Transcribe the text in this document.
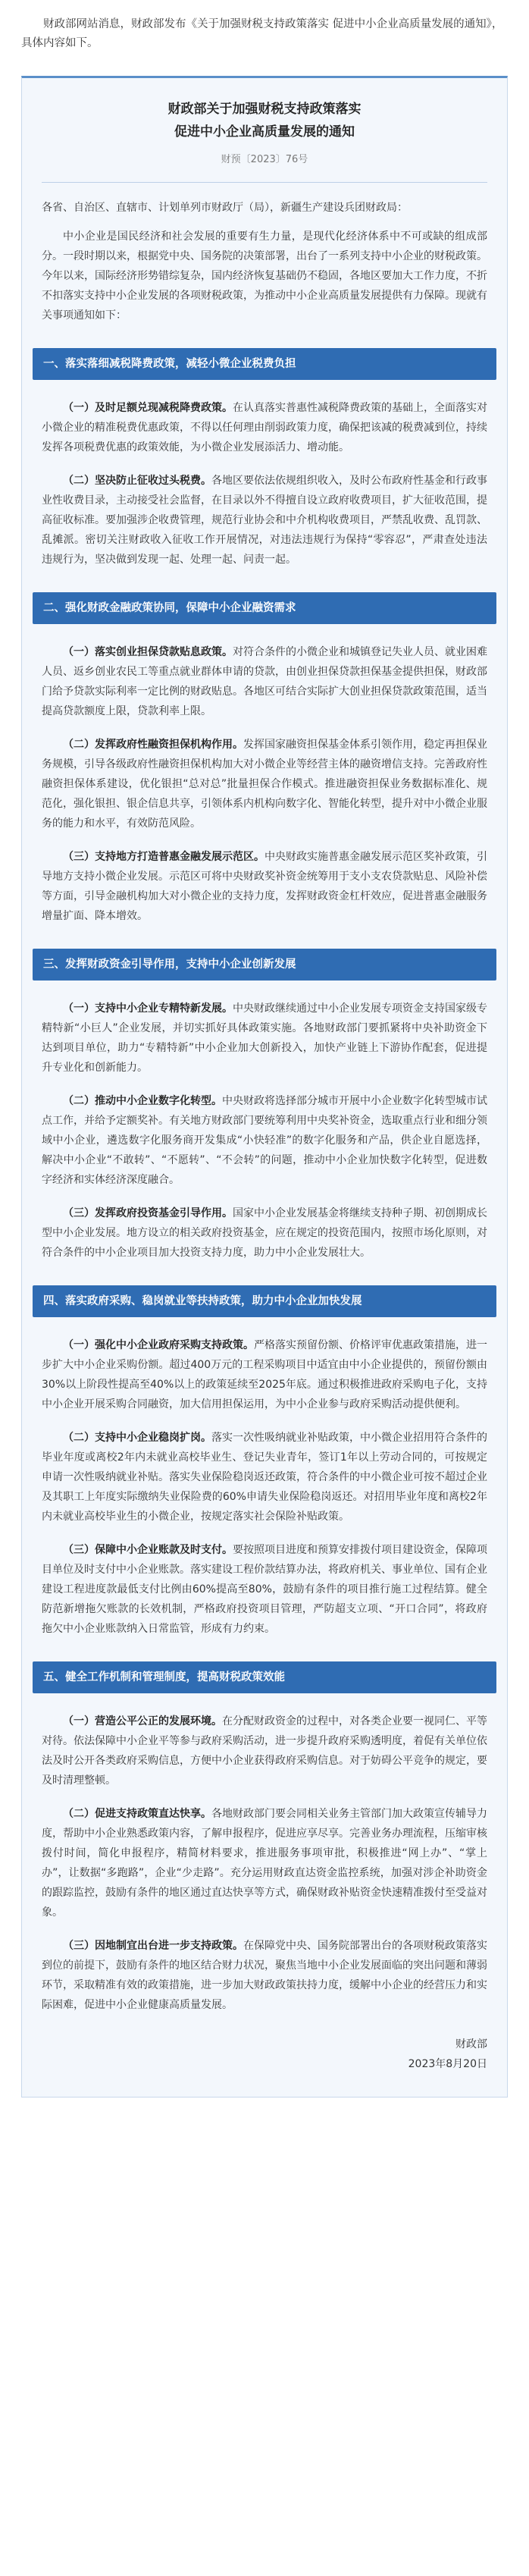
财政部网站消息，财政部发布《关于加强财税支持政策落实 促进中小企业高质量发展的通知》，具体内容如下。

财政部关于加强财税支持政策落实

促进中小企业高质量发展的通知

财预〔2023〕76号

各省、自治区、直辖市、计划单列市财政厅（局），新疆生产建设兵团财政局：

中小企业是国民经济和社会发展的重要有生力量，是现代化经济体系中不可或缺的组成部分。一段时期以来，根据党中央、国务院的决策部署，出台了一系列支持中小企业的财税政策。今年以来，国际经济形势错综复杂，国内经济恢复基础仍不稳固，各地区要加大工作力度，不折不扣落实支持中小企业发展的各项财税政策，为推动中小企业高质量发展提供有力保障。现就有关事项通知如下：

一、落实落细减税降费政策，减轻小微企业税费负担

（一）及时足额兑现减税降费政策。在认真落实普惠性减税降费政策的基础上，全面落实对小微企业的精准税费优惠政策，不得以任何理由削弱政策力度，确保把该减的税费减到位，持续发挥各项税费优惠的政策效能，为小微企业发展添活力、增动能。

（二）坚决防止征收过头税费。各地区要依法依规组织收入，及时公布政府性基金和行政事业性收费目录，主动接受社会监督，在目录以外不得擅自设立政府收费项目，扩大征收范围，提高征收标准。要加强涉企收费管理，规范行业协会和中介机构收费项目，严禁乱收费、乱罚款、乱摊派。密切关注财政收入征收工作开展情况，对违法违规行为保持“零容忍”，严肃查处违法违规行为，坚决做到发现一起、处理一起、问责一起。

二、强化财政金融政策协同，保障中小企业融资需求

（一）落实创业担保贷款贴息政策。对符合条件的小微企业和城镇登记失业人员、就业困难人员、返乡创业农民工等重点就业群体申请的贷款，由创业担保贷款担保基金提供担保，财政部门给予贷款实际利率一定比例的财政贴息。各地区可结合实际扩大创业担保贷款政策范围，适当提高贷款额度上限，贷款利率上限。

（二）发挥政府性融资担保机构作用。发挥国家融资担保基金体系引领作用，稳定再担保业务规模，引导各级政府性融资担保机构加大对小微企业等经营主体的融资增信支持。完善政府性融资担保体系建设，优化银担“总对总”批量担保合作模式。推进融资担保业务数据标准化、规范化，强化银担、银企信息共享，引领体系内机构向数字化、智能化转型，提升对中小微企业服务的能力和水平，有效防范风险。

（三）支持地方打造普惠金融发展示范区。中央财政实施普惠金融发展示范区奖补政策，引导地方支持小微企业发展。示范区可将中央财政奖补资金统筹用于支小支农贷款贴息、风险补偿等方面，引导金融机构加大对小微企业的支持力度，发挥财政资金杠杆效应，促进普惠金融服务增量扩面、降本增效。

三、发挥财政资金引导作用，支持中小企业创新发展

（一）支持中小企业专精特新发展。中央财政继续通过中小企业发展专项资金支持国家级专精特新“小巨人”企业发展，并切实抓好具体政策实施。各地财政部门要抓紧将中央补助资金下达到项目单位，助力“专精特新”中小企业加大创新投入，加快产业链上下游协作配套，促进提升专业化和创新能力。

（二）推动中小企业数字化转型。中央财政将选择部分城市开展中小企业数字化转型城市试点工作，并给予定额奖补。有关地方财政部门要统筹利用中央奖补资金，选取重点行业和细分领域中小企业，遴选数字化服务商开发集成“小快轻准”的数字化服务和产品，供企业自愿选择，解决中小企业“不敢转”、“不愿转”、“不会转”的问题，推动中小企业加快数字化转型，促进数字经济和实体经济深度融合。

（三）发挥政府投资基金引导作用。国家中小企业发展基金将继续支持种子期、初创期成长型中小企业发展。地方设立的相关政府投资基金，应在规定的投资范围内，按照市场化原则，对符合条件的中小企业项目加大投资支持力度，助力中小企业发展壮大。

四、落实政府采购、稳岗就业等扶持政策，助力中小企业加快发展

（一）强化中小企业政府采购支持政策。严格落实预留份额、价格评审优惠政策措施，进一步扩大中小企业采购份额。超过400万元的工程采购项目中适宜由中小企业提供的，预留份额由30%以上阶段性提高至40%以上的政策延续至2025年底。通过积极推进政府采购电子化，支持中小企业开展采购合同融资，加大信用担保运用，为中小企业参与政府采购活动提供便利。

（二）支持中小企业稳岗扩岗。落实一次性吸纳就业补贴政策，中小微企业招用符合条件的毕业年度或离校2年内未就业高校毕业生、登记失业青年，签订1年以上劳动合同的，可按规定申请一次性吸纳就业补贴。落实失业保险稳岗返还政策，符合条件的中小微企业可按不超过企业及其职工上年度实际缴纳失业保险费的60%申请失业保险稳岗返还。对招用毕业年度和离校2年内未就业高校毕业生的小微企业，按规定落实社会保险补贴政策。

（三）保障中小企业账款及时支付。要按照项目进度和预算安排拨付项目建设资金，保障项目单位及时支付中小企业账款。落实建设工程价款结算办法，将政府机关、事业单位、国有企业建设工程进度款最低支付比例由60%提高至80%，鼓励有条件的项目推行施工过程结算。健全防范新增拖欠账款的长效机制，严格政府投资项目管理，严防超支立项、“开口合同”，将政府拖欠中小企业账款纳入日常监管，形成有力约束。

五、健全工作机制和管理制度，提高财税政策效能

（一）营造公平公正的发展环境。在分配财政资金的过程中，对各类企业要一视同仁、平等对待。依法保障中小企业平等参与政府采购活动，进一步提升政府采购透明度，着促有关单位依法及时公开各类政府采购信息，方便中小企业获得政府采购信息。对于妨碍公平竞争的规定，要及时清理整顿。

（二）促进支持政策直达快享。各地财政部门要会同相关业务主管部门加大政策宣传辅导力度，帮助中小企业熟悉政策内容，了解申报程序，促进应享尽享。完善业务办理流程，压缩审核拨付时间，简化申报程序，精简材料要求，推进服务事项审批，积极推进“网上办”、“掌上办”，让数据“多跑路”，企业“少走路”。充分运用财政直达资金监控系统，加强对涉企补助资金的跟踪监控，鼓励有条件的地区通过直达快享等方式，确保财政补贴资金快速精准拨付至受益对象。

（三）因地制宜出台进一步支持政策。在保障党中央、国务院部署出台的各项财税政策落实到位的前提下，鼓励有条件的地区结合财力状况，聚焦当地中小企业发展面临的突出问题和薄弱环节，采取精准有效的政策措施，进一步加大财政政策扶持力度，缓解中小企业的经营压力和实际困难，促进中小企业健康高质量发展。

财政部
2023年8月20日
